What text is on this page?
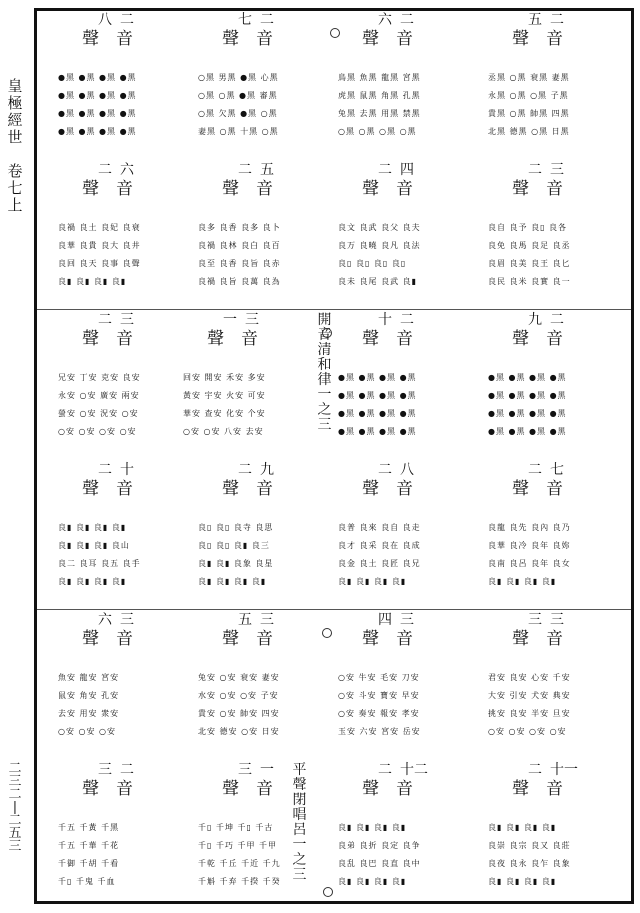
皇
極
經
世

卷
七
上
二
三
二
|
二
五
三
開
音
清
和
律
一
之
三
平
聲
閉
唱
呂
一
之
三
八 二
聲 音
●黑 ●黑 ●黑 ●黑
●黑 ●黑 ●黑 ●黑
●黑 ●黑 ●黑 ●黑
●黑 ●黑 ●黑 ●黑
七 二
聲 音
○黑 男黑 ●黑 心黑
○黑 ○黑 ●黑 審黑
○黑 欠黑 ●黑 ○黑
妻黑 ○黑 十黑 ○黑
六 二
聲 音
鳥黑 魚黑 龍黑 宮黑
虎黑 鼠黑 角黑 孔黑
兔黑 去黑 用黑 禁黑
○黑 ○黑 ○黑 ○黑
五 二
聲 音
丞黑 ○黑 衰黑 妻黑
永黑 ○黑 ○黑 子黑
貴黑 ○黑 帥黑 四黑
北黑 德黑 ○黑 日黑
二 六
聲 音
良禍 良土 良妃 良衰
良華 良貴 良大 良井
良回 良天 良事 良聲
良▮ 良▮ 良▮ 良▮
二 五
聲 音
良多 良香 良多 良卜
良禍 良林 良白 良百
良至 良香 良旨 良赤
良禍 良旨 良萬 良為
二 四
聲 音
良文 良武 良父 良夫
良万 良曉 良凡 良法
良▯ 良▯ 良▯ 良▯
良未 良尾 良武 良▮
二 三
聲 音
良自 良予 良▯ 良各
良免 良馬 良足 良丞
良眉 良美 良王 良匕
良民 良米 良實 良一
二 三
聲 音
兄安 丁安 克安 良安
永安 ○安 廣安 兩安
螢安 ○安 況安 ○安
○安 ○安 ○安 ○安
一 三
聲 音
回安 開安 禾安 多安
黃安 宇安 火安 可安
華安 查安 化安 个安
○安 ○安 八安 去安
十 二
聲 音
●黑 ●黑 ●黑 ●黑
●黑 ●黑 ●黑 ●黑
●黑 ●黑 ●黑 ●黑
●黑 ●黑 ●黑 ●黑
九 二
聲 音
●黑 ●黑 ●黑 ●黑
●黑 ●黑 ●黑 ●黑
●黑 ●黑 ●黑 ●黑
●黑 ●黑 ●黑 ●黑
二 十
聲 音
良▮ 良▮ 良▮ 良▮
良▮ 良▮ 良▮ 良山
良二 良耳 良五 良手
良▮ 良▮ 良▮ 良▮
二 九
聲 音
良▯ 良▯ 良寺 良思
良▯ 良▯ 良▮ 良三
良▮ 良▮ 良象 良星
良▮ 良▮ 良▮ 良▮
二 八
聲 音
良普 良來 良自 良走
良才 良采 良在 良成
良金 良土 良匠 良兄
良▮ 良▮ 良▮ 良▮
二 七
聲 音
良龍 良先 良內 良乃
良華 良冷 良年 良妳
良南 良呂 良年 良女
良▮ 良▮ 良▮ 良▮
六 三
聲 音
魚安 龍安 宮安
鼠安 角安 孔安
去安 用安 衆安
○安 ○安 ○安
五 三
聲 音
兔安 ○安 衰安 妻安
水安 ○安 ○安 子安
貴安 ○安 帥安 四安
北安 德安 ○安 日安
四 三
聲 音
○安 牛安 毛安 刀安
○安 斗安 寶安 早安
○安 奏安 報安 孝安
玉安 六安 宮安 岳安
三 三
聲 音
君安 良安 心安 千安
大安 引安 犬安 典安
挑安 良安 半安 旦安
○安 ○安 ○安 ○安
三 二
聲 音
千五 千黃 千黑
千五 千華 千花
千御 千胡 千看
千▯ 千鬼 千血
三 一
聲 音
千▯ 千坤 千▯ 千古
千▯ 千巧 千甲 千甲
千乾 千丘 千近 千九
千斛 千弃 千揆 千癸
二 十二
聲 音
良▮ 良▮ 良▮ 良▮
良弟 良折 良定 良争
良乱 良巴 良直 良中
良▮ 良▮ 良▮ 良▮
二 十一
聲 音
良▮ 良▮ 良▮ 良▮
良崇 良宗 良又 良莊
良夜 良永 良乍 良象
良▮ 良▮ 良▮ 良▮
